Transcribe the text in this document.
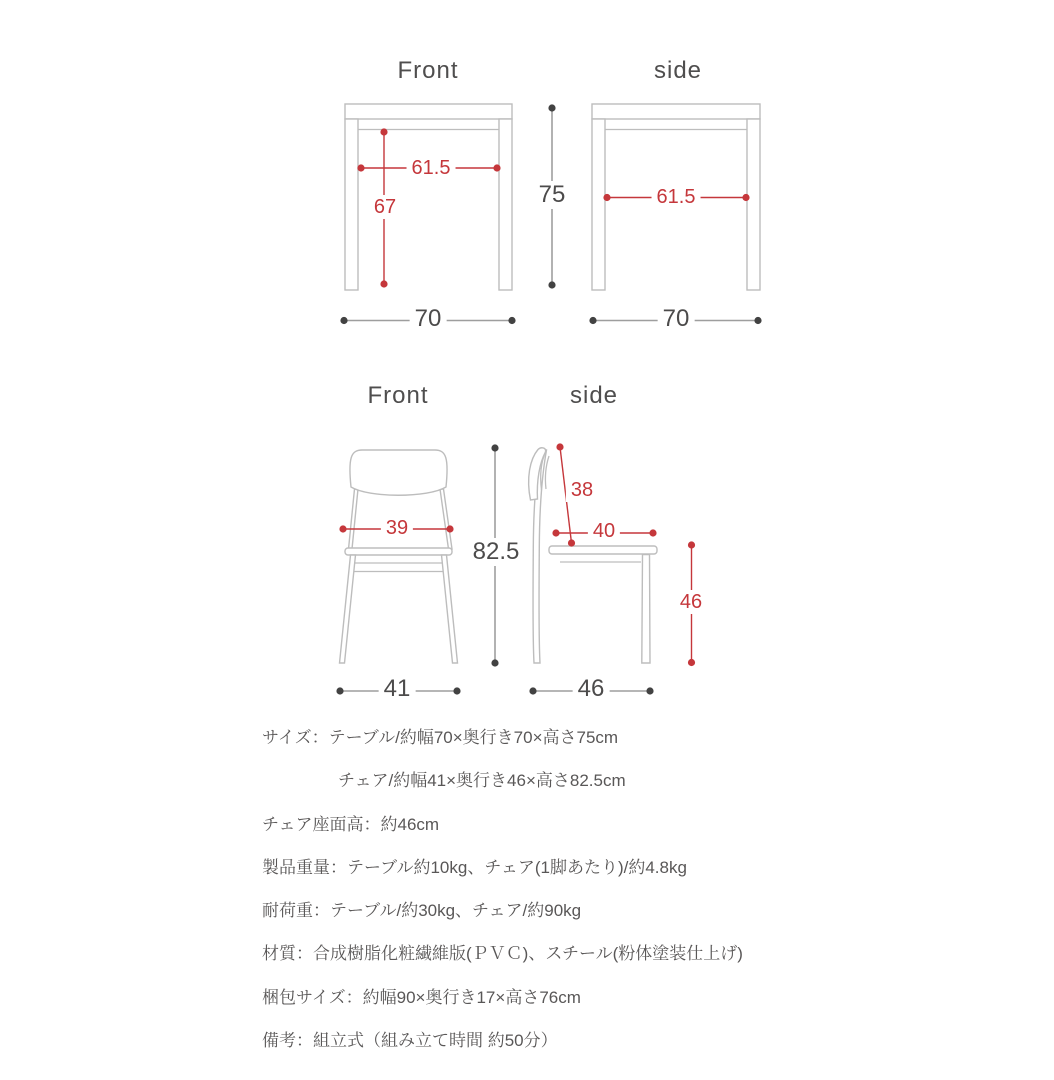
Front	side
Front	side
61.5
67
70
75	61.5
70
39
82.5
41
38
40
46
46
サイズ：テーブル/約幅70×奥行き70×高さ75cm
チェア/約幅41×奥行き46×高さ82.5cm
チェア座面高：約46cm
製品重量：テーブル約10kg、チェア(1脚あたり)/約4.8kg
耐荷重：テーブル/約30kg、チェア/約90kg
材質：合成樹脂化粧繊維版(ＰＶＣ)、スチール(粉体塗装仕上げ)
梱包サイズ：約幅90×奥行き17×高さ76cm
備考：組立式（組み立て時間 約50分）
